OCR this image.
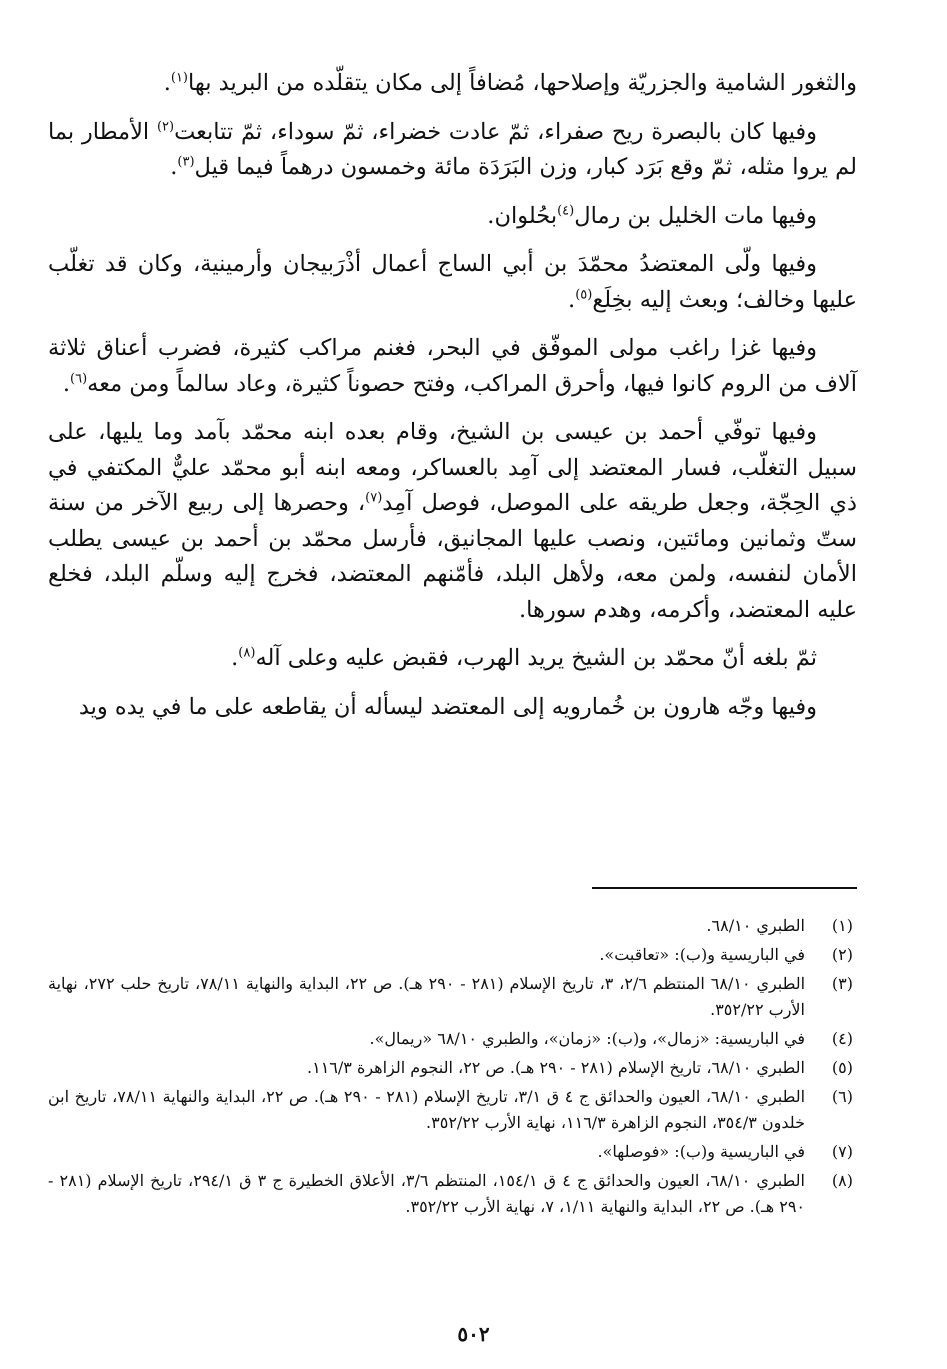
والثغور الشامية والجزريّة وإصلاحها، مُضافاً إلى مكان يتقلّده من البريد بها$^{(١)}$.

وفيها كان بالبصرة ريح صفراء، ثمّ عادت خضراء، ثمّ سوداء، ثمّ تتابعت$^{(٢)}$ الأمطار بما لم يروا مثله، ثمّ وقع بَرَد كبار، وزن البَرَدَة مائة وخمسون درهماً فيما قيل$^{(٣)}$.

وفيها مات الخليل بن رمال$^{(٤)}$بحُلوان.

وفيها ولّى المعتضدُ محمّدَ بن أبي الساج أعمال أذْرَبيجان وأرمينية، وكان قد تغلّب عليها وخالف؛ وبعث إليه بخِلَع$^{(٥)}$.

وفيها غزا راغب مولى الموفّق في البحر، فغنم مراكب كثيرة، فضرب أعناق ثلاثة آلاف من الروم كانوا فيها، وأحرق المراكب، وفتح حصوناً كثيرة، وعاد سالماً ومن معه$^{(٦)}$.

وفيها توفّي أحمد بن عيسى بن الشيخ، وقام بعده ابنه محمّد بآمد وما يليها، على سبيل التغلّب، فسار المعتضد إلى آمِد بالعساكر، ومعه ابنه أبو محمّد عليٌّ المكتفي في ذي الحِجّة، وجعل طريقه على الموصل، فوصل آمِد$^{(٧)}$، وحصرها إلى ربيع الآخر من سنة ستّ وثمانين ومائتين، ونصب عليها المجانيق، فأرسل محمّد بن أحمد بن عيسى يطلب الأمان لنفسه، ولمن معه، ولأهل البلد، فأمّنهم المعتضد، فخرج إليه وسلّم البلد، فخلع عليه المعتضد، وأكرمه، وهدم سورها.

ثمّ بلغه أنّ محمّد بن الشيخ يريد الهرب، فقبض عليه وعلى آله$^{(٨)}$.

وفيها وجّه هارون بن خُمارويه إلى المعتضد ليسأله أن يقاطعه على ما في يده ويد

(١)
الطبري ٦٨/١٠.
(٢)
في الباريسية و(ب): «تعاقبت».
(٣)
الطبري ٦٨/١٠ المنتظم ٢/٦، ٣، تاريخ الإسلام (٢٨١ - ٢٩٠ هـ). ص ٢٢، البداية والنهاية ٧٨/١١، تاريخ حلب ٢٧٢، نهاية الأرب ٣٥٢/٢٢.
(٤)
في الباريسية: «زمال»، و(ب): «زمان»، والطبري ٦٨/١٠ «ريمال».
(٥)
الطبري ٦٨/١٠، تاريخ الإسلام (٢٨١ - ٢٩٠ هـ). ص ٢٢، النجوم الزاهرة ١١٦/٣.
(٦)
الطبري ٦٨/١٠، العيون والحدائق ج ٤ ق ٣/١، تاريخ الإسلام (٢٨١ - ٢٩٠ هـ). ص ٢٢، البداية والنهاية ٧٨/١١، تاريخ ابن خلدون ٣٥٤/٣، النجوم الزاهرة ١١٦/٣، نهاية الأرب ٣٥٢/٢٢.
(٧)
في الباريسية و(ب): «فوصلها».
(٨)
الطبري ٦٨/١٠، العيون والحدائق ج ٤ ق ١٥٤/١، المنتظم ٣/٦، الأعلاق الخطيرة ج ٣ ق ٢٩٤/١، تاريخ الإسلام (٢٨١ - ٢٩٠ هـ). ص ٢٢، البداية والنهاية ١/١١، ٧، نهاية الأرب ٣٥٢/٢٢.
٥٠٢
